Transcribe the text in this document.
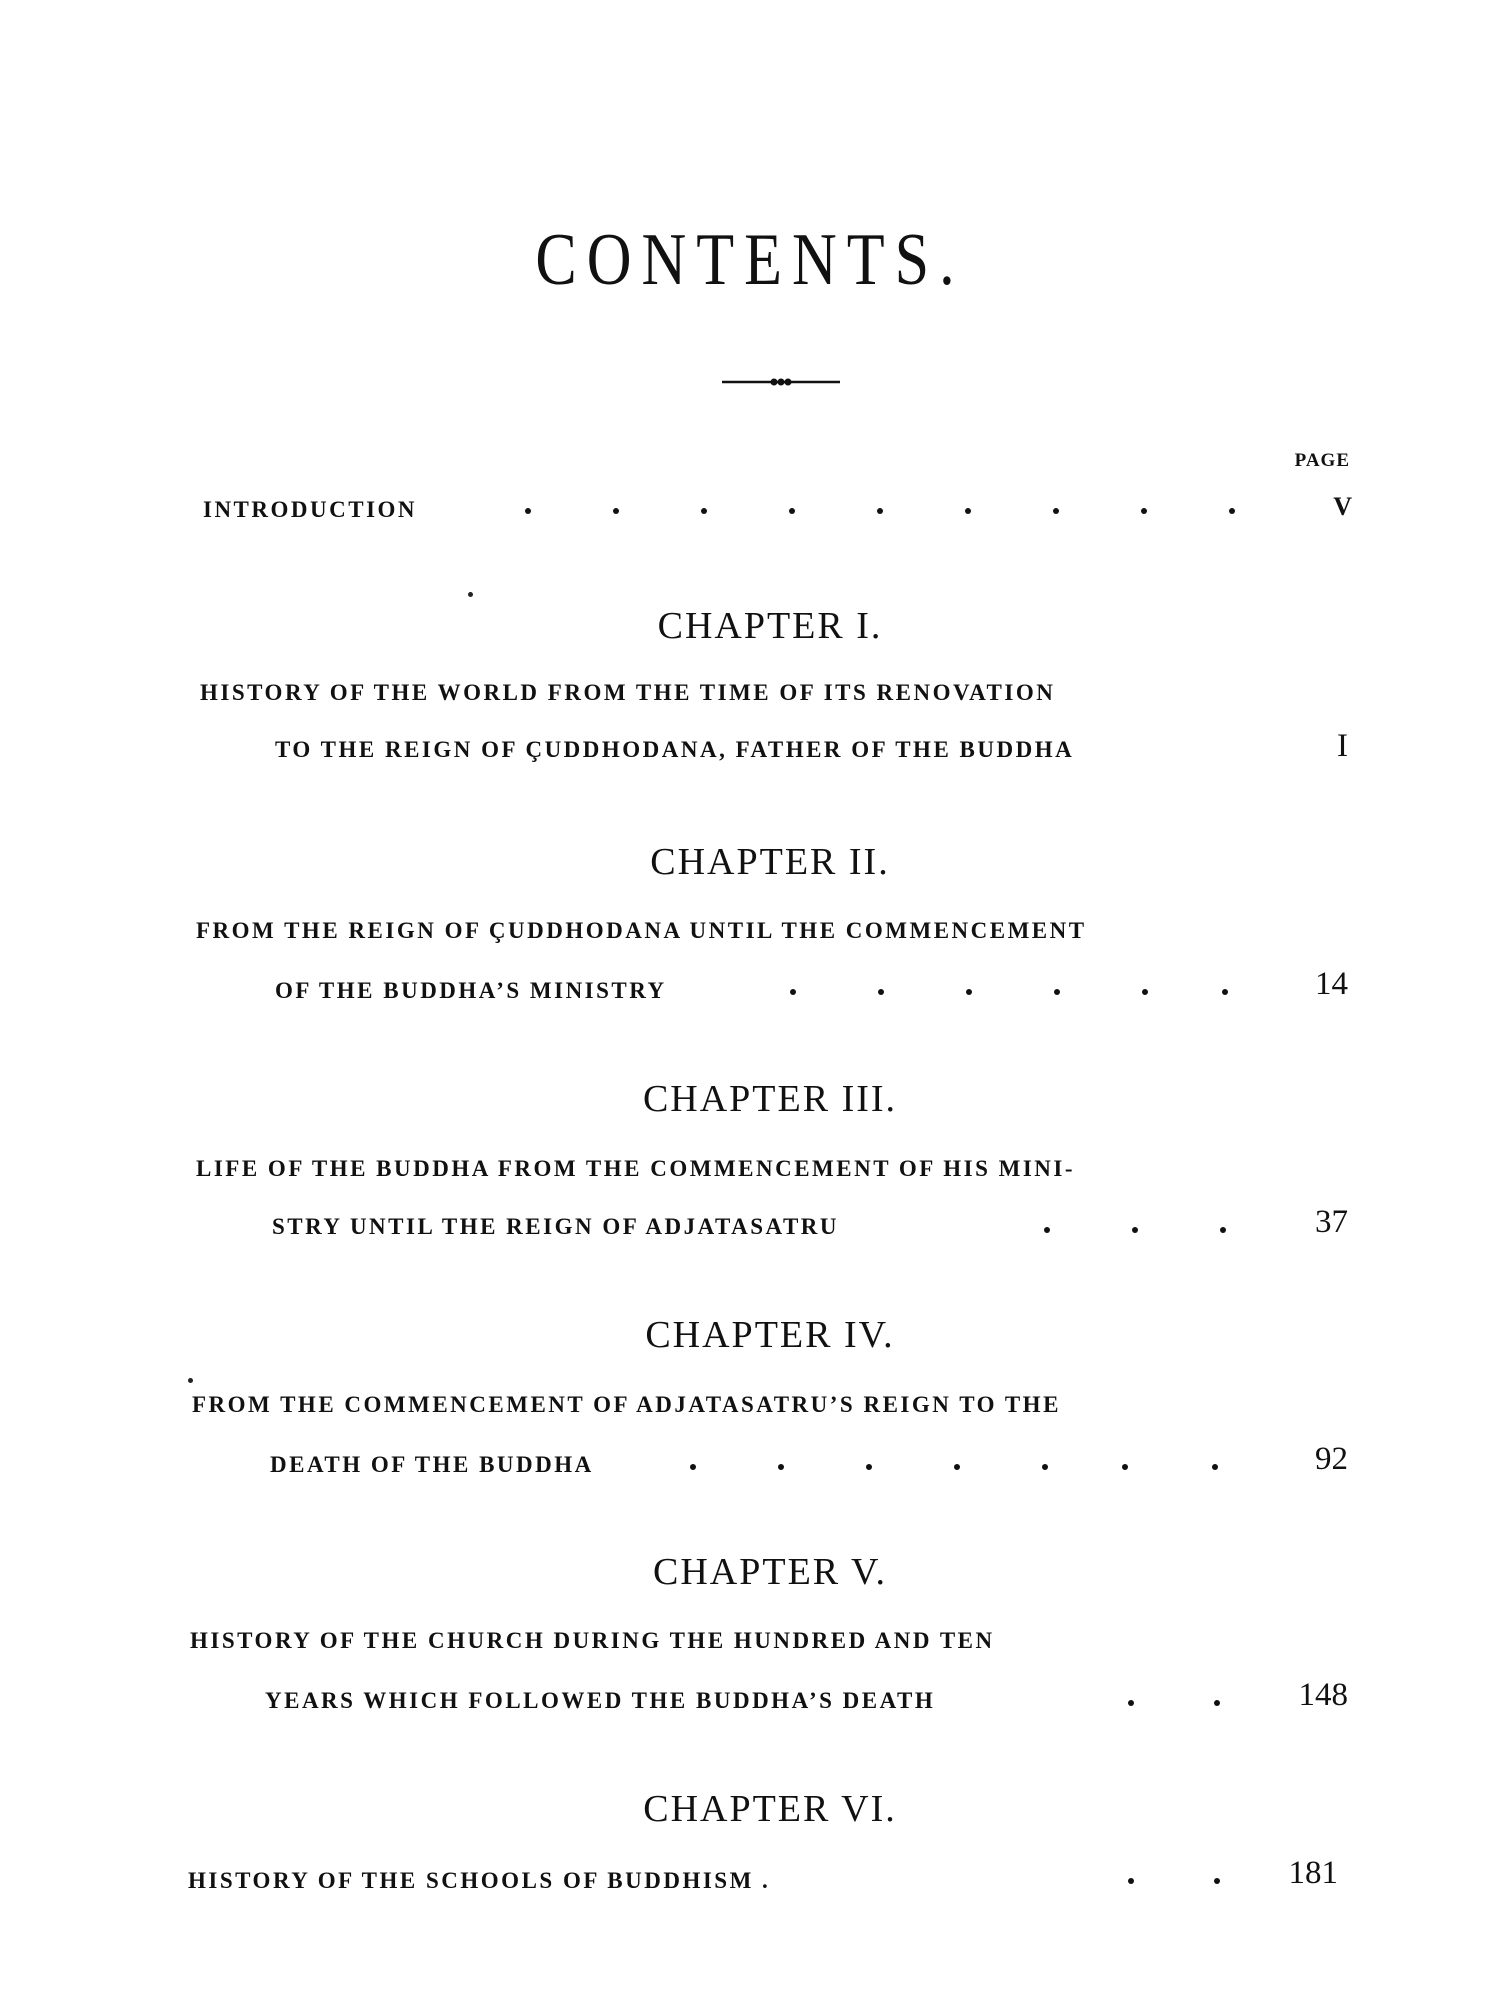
CONTENTS.
PAGE
INTRODUCTION	V
CHAPTER I.
HISTORY OF THE WORLD FROM THE TIME OF ITS RENOVATION
TO THE REIGN OF ÇUDDHODANA, FATHER OF THE BUDDHA	I
CHAPTER II.
FROM THE REIGN OF ÇUDDHODANA UNTIL THE COMMENCEMENT
OF THE BUDDHA’S MINISTRY	14
CHAPTER III.
LIFE OF THE BUDDHA FROM THE COMMENCEMENT OF HIS MINI-
STRY UNTIL THE REIGN OF ADJATASATRU	37
CHAPTER IV.
FROM THE COMMENCEMENT OF ADJATASATRU’S REIGN TO THE
DEATH OF THE BUDDHA	92
CHAPTER V.
HISTORY OF THE CHURCH DURING THE HUNDRED AND TEN
YEARS WHICH FOLLOWED THE BUDDHA’S DEATH	148
CHAPTER VI.
HISTORY OF THE SCHOOLS OF BUDDHISM .	181
